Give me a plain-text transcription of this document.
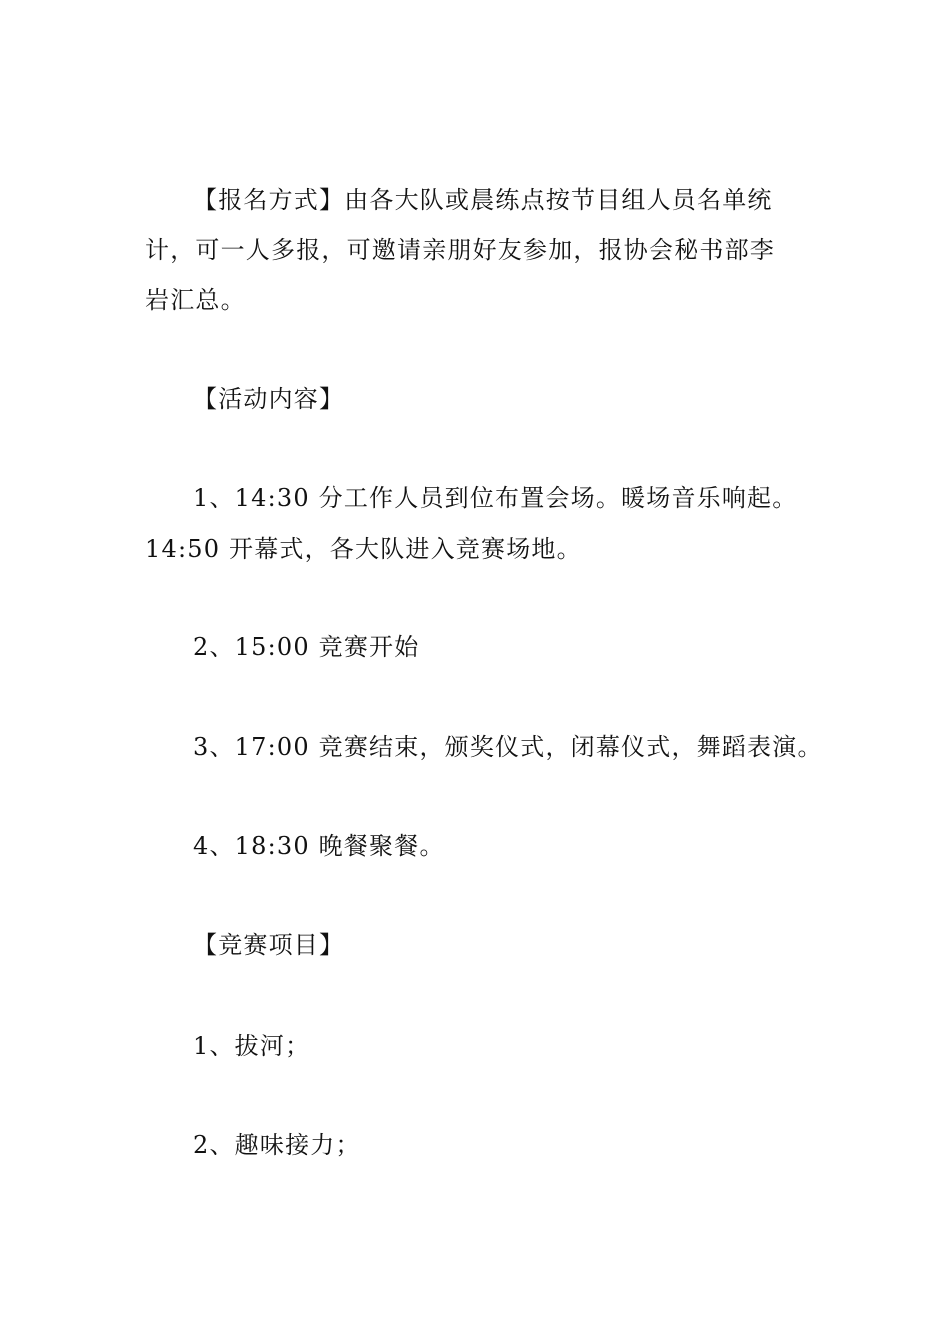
【报名方式】由各大队或晨练点按节目组人员名单统
计，可一人多报，可邀请亲朋好友参加，报协会秘书部李
岩汇总。
【活动内容】
1、14:30 分工作人员到位布置会场。暖场音乐响起。
14:50 开幕式，各大队进入竞赛场地。
2、15:00 竞赛开始
3、17:00 竞赛结束，颁奖仪式，闭幕仪式，舞蹈表演。
4、18:30 晚餐聚餐。
【竞赛项目】
1、拔河；
2、趣味接力；
